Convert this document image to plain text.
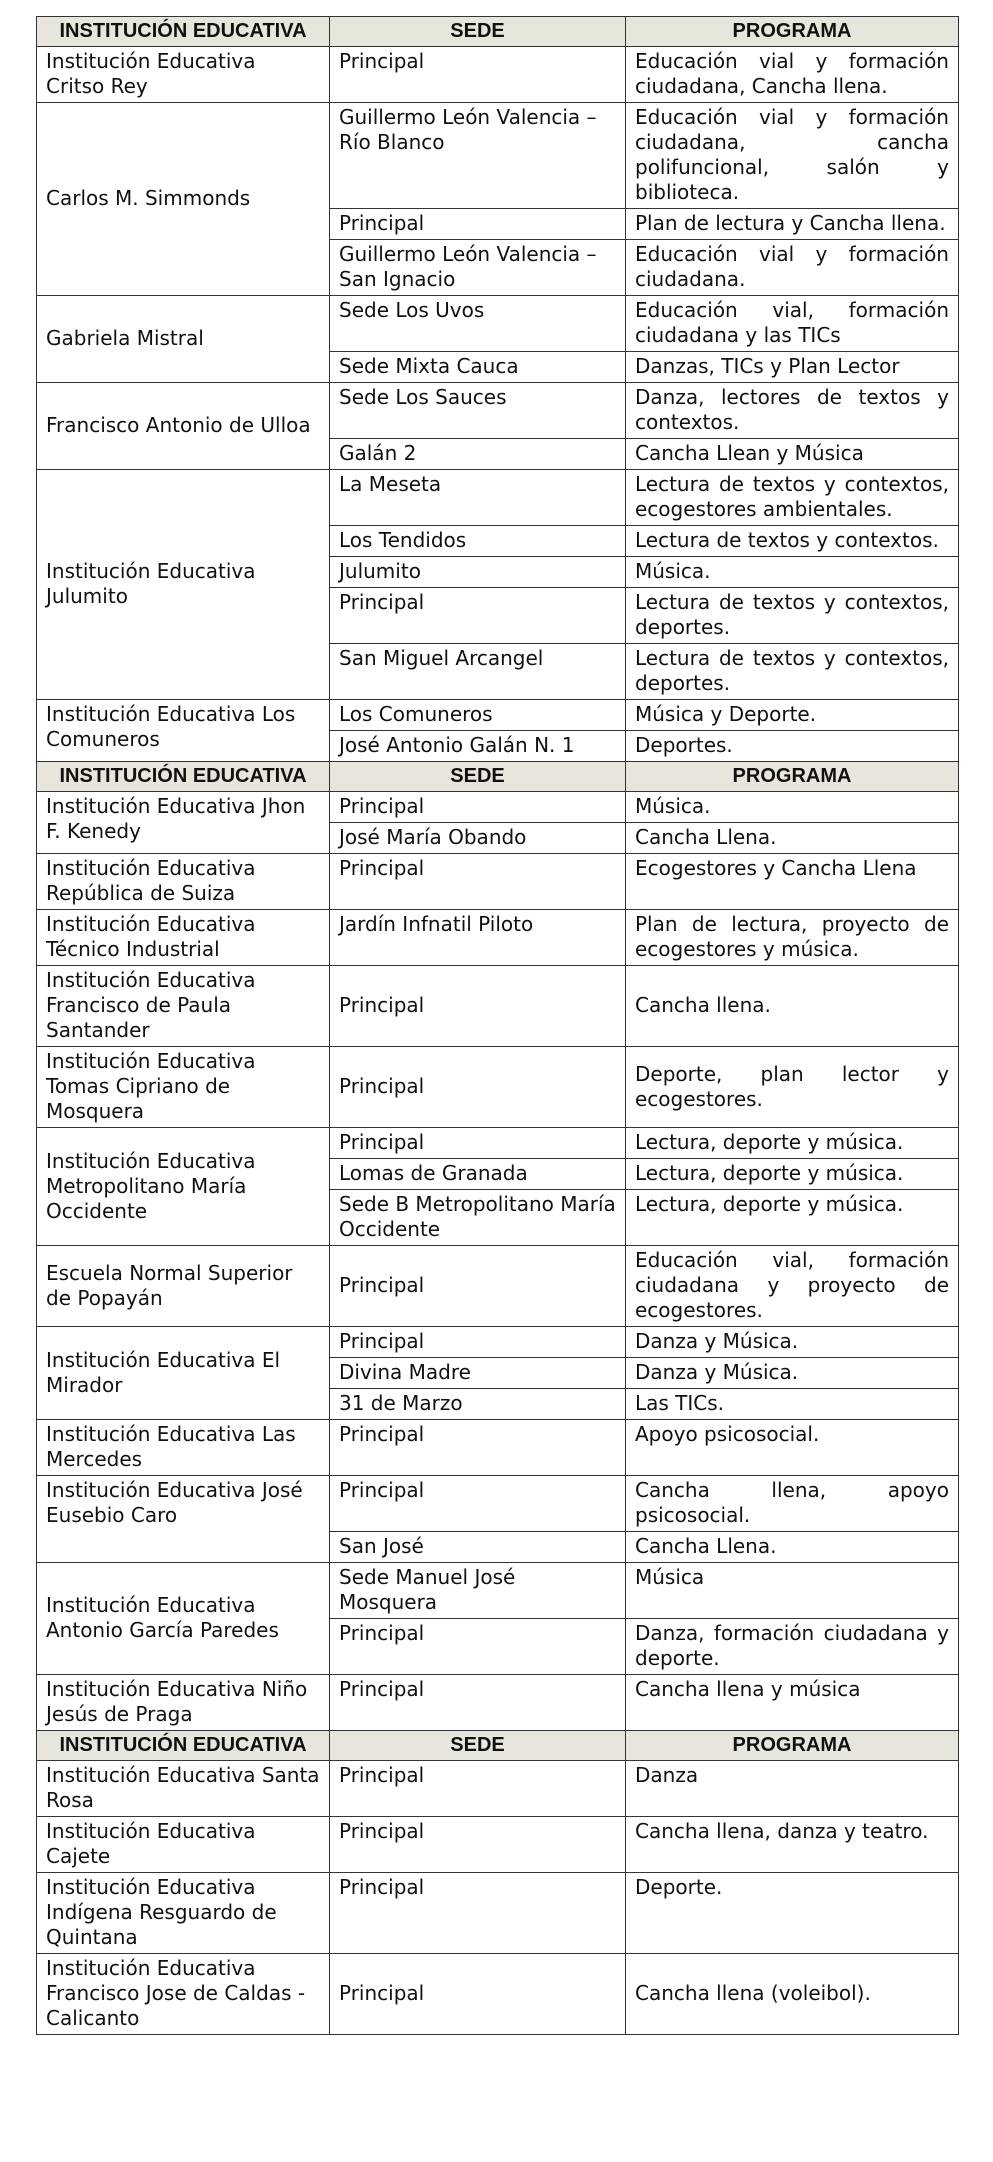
INSTITUCIÓN EDUCATIVA	SEDE	PROGRAMA
Institución Educativa Critso Rey	Principal	Educación vial y formación ciudadana, Cancha llena.
Carlos M. Simmonds	Guillermo León Valencia – Río Blanco	Educación vial y formación ciudadana, cancha polifuncional, salón y biblioteca.
	Principal	Plan de lectura y Cancha llena.
	Guillermo León Valencia – San Ignacio	Educación vial y formación ciudadana.
Gabriela Mistral	Sede Los Uvos	Educación vial, formación ciudadana y las TICs
	Sede Mixta Cauca	Danzas, TICs y Plan Lector
Francisco Antonio de Ulloa	Sede Los Sauces	Danza, lectores de textos y contextos.
	Galán 2	Cancha Llean y Música
Institución Educativa Julumito	La Meseta	Lectura de textos y contextos, ecogestores ambientales.
	Los Tendidos	Lectura de textos y contextos.
	Julumito	Música.
	Principal	Lectura de textos y contextos, deportes.
	San Miguel Arcangel	Lectura de textos y contextos, deportes.
Institución Educativa Los Comuneros	Los Comuneros	Música y Deporte.
	José Antonio Galán N. 1	Deportes.
INSTITUCIÓN EDUCATIVA	SEDE	PROGRAMA
Institución Educativa Jhon F. Kenedy	Principal	Música.
	José María Obando	Cancha Llena.
Institución Educativa República de Suiza	Principal	Ecogestores y Cancha Llena
Institución Educativa Técnico Industrial	Jardín Infnatil Piloto	Plan de lectura, proyecto de ecogestores y música.
Institución Educativa Francisco de Paula Santander	Principal	Cancha llena.
Institución Educativa Tomas Cipriano de Mosquera	Principal	Deporte, plan lector y ecogestores.
Institución Educativa Metropolitano María Occidente	Principal	Lectura, deporte y música.
	Lomas de Granada	Lectura, deporte y música.
	Sede B Metropolitano María Occidente	Lectura, deporte y música.
Escuela Normal Superior de Popayán	Principal	Educación vial, formación ciudadana y proyecto de ecogestores.
Institución Educativa El Mirador	Principal	Danza y Música.
	Divina Madre	Danza y Música.
	31 de Marzo	Las TICs.
Institución Educativa Las Mercedes	Principal	Apoyo psicosocial.
Institución Educativa José Eusebio Caro	Principal	Cancha llena, apoyo psicosocial.
	San José	Cancha Llena.
Institución Educativa Antonio García Paredes	Sede Manuel José Mosquera	Música
	Principal	Danza, formación ciudadana y deporte.
Institución Educativa Niño Jesús de Praga	Principal	Cancha llena y música
INSTITUCIÓN EDUCATIVA	SEDE	PROGRAMA
Institución Educativa Santa Rosa	Principal	Danza
Institución Educativa Cajete	Principal	Cancha llena, danza y teatro.
Institución Educativa Indígena Resguardo de Quintana	Principal	Deporte.
Institución Educativa Francisco Jose de Caldas - Calicanto	Principal	Cancha llena (voleibol).
